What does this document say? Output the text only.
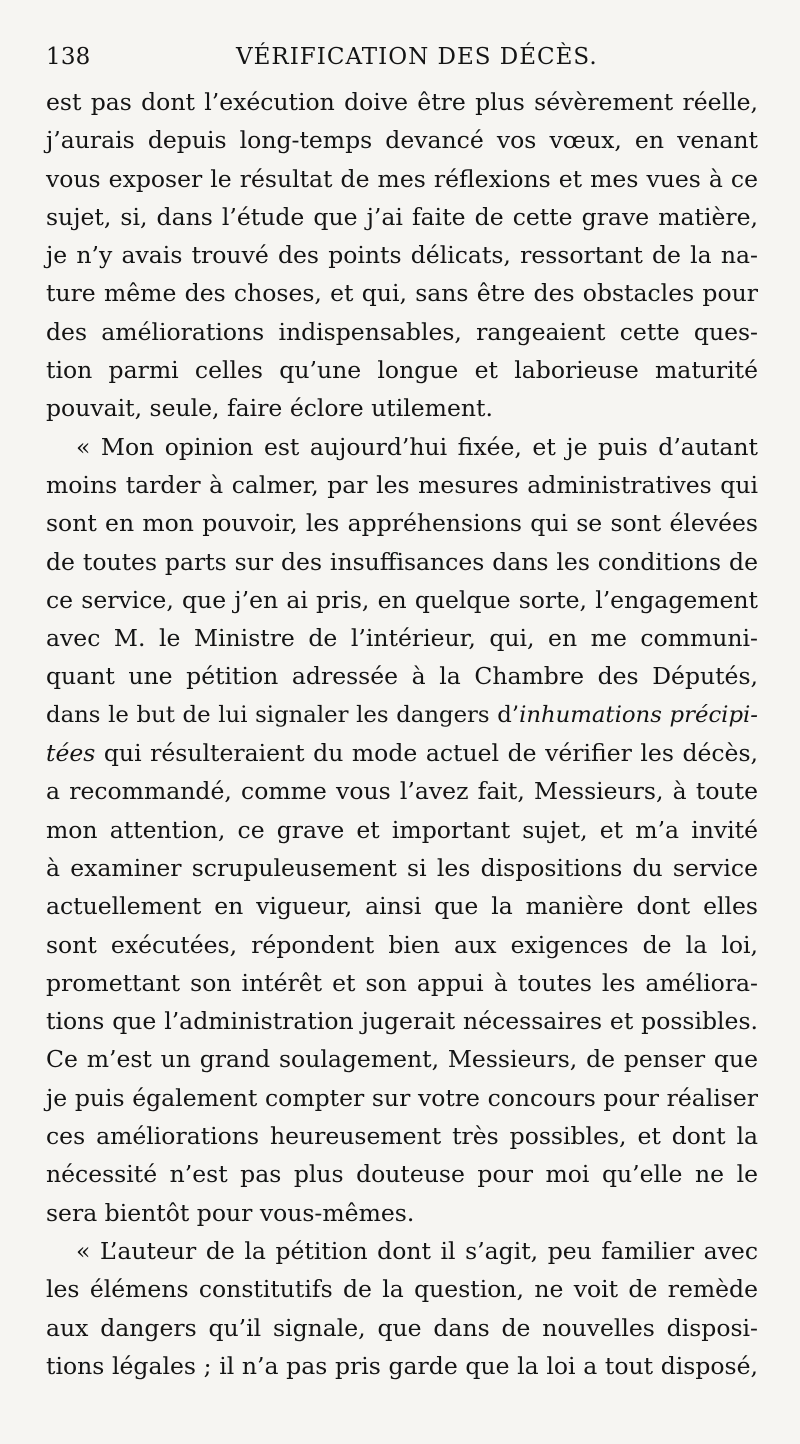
138	VÉRIFICATION DES DÉCÈS.
est pas dont l’exécution doive être plus sévèrement réelle,
j’aurais depuis long-temps devancé vos vœux, en venant
vous exposer le résultat de mes réflexions et mes vues à ce
sujet, si, dans l’étude que j’ai faite de cette grave matière,
je n’y avais trouvé des points délicats, ressortant de la na-
ture même des choses, et qui, sans être des obstacles pour
des améliorations indispensables, rangeaient cette ques-
tion parmi celles qu’une longue et laborieuse maturité
pouvait, seule, faire éclore utilement.
« Mon opinion est aujourd’hui fixée, et je puis d’autant
moins tarder à calmer, par les mesures administratives qui
sont en mon pouvoir, les appréhensions qui se sont élevées
de toutes parts sur des insuffisances dans les conditions de
ce service, que j’en ai pris, en quelque sorte, l’engagement
avec M. le Ministre de l’intérieur, qui, en me communi-
quant une pétition adressée à la Chambre des Députés,
dans le but de lui signaler les dangers d’inhumations précipi-
tées qui résulteraient du mode actuel de vérifier les décès,
a recommandé, comme vous l’avez fait, Messieurs, à toute
mon attention, ce grave et important sujet, et m’a invité
à examiner scrupuleusement si les dispositions du service
actuellement en vigueur, ainsi que la manière dont elles
sont exécutées, répondent bien aux exigences de la loi,
promettant son intérêt et son appui à toutes les améliora-
tions que l’administration jugerait nécessaires et possibles.
Ce m’est un grand soulagement, Messieurs, de penser que
je puis également compter sur votre concours pour réaliser
ces améliorations heureusement très possibles, et dont la
nécessité n’est pas plus douteuse pour moi qu’elle ne le
sera bientôt pour vous-mêmes.
« L’auteur de la pétition dont il s’agit, peu familier avec
les élémens constitutifs de la question, ne voit de remède
aux dangers qu’il signale, que dans de nouvelles disposi-
tions légales ; il n’a pas pris garde que la loi a tout disposé,
